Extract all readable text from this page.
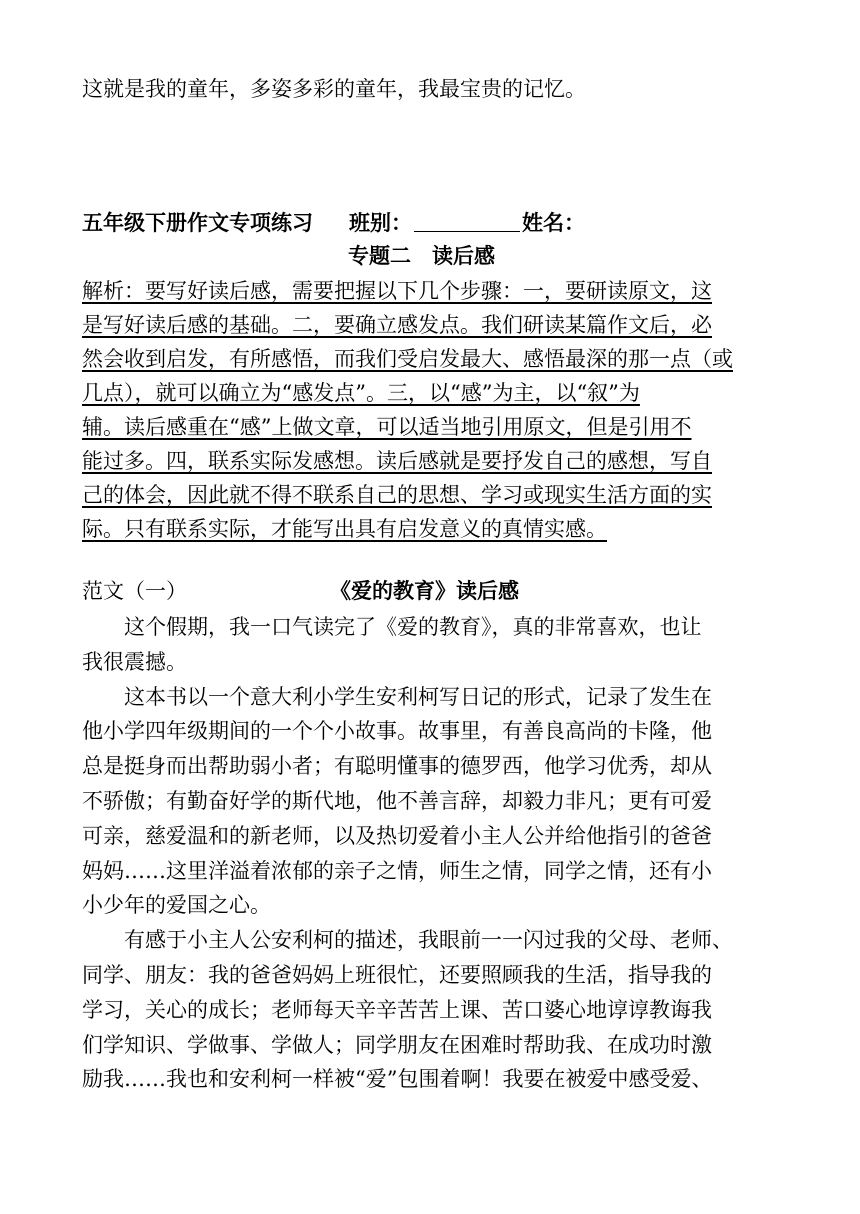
这就是我的童年，多姿多彩的童年，我最宝贵的记忆。
五年级下册作文专项练习 班别：	姓名：
专题二　读后感
解析：要写好读后感，需要把握以下几个步骤：一，要研读原文，这
是写好读后感的基础。二，要确立感发点。我们研读某篇作文后，必
然会收到启发，有所感悟，而我们受启发最大、感悟最深的那一点（或
几点），就可以确立为“感发点”。三，以“感”为主，以“叙”为
辅。读后感重在“感”上做文章，可以适当地引用原文，但是引用不
能过多。四，联系实际发感想。读后感就是要抒发自己的感想，写自
己的体会，因此就不得不联系自己的思想、学习或现实生活方面的实
际。只有联系实际，才能写出具有启发意义的真情实感。
范文（一）	《爱的教育》读后感
　　这个假期，我一口气读完了《爱的教育》，真的非常喜欢，也让
我很震撼。
　　这本书以一个意大利小学生安利柯写日记的形式，记录了发生在
他小学四年级期间的一个个小故事。故事里，有善良高尚的卡隆，他
总是挺身而出帮助弱小者；有聪明懂事的德罗西，他学习优秀，却从
不骄傲；有勤奋好学的斯代地，他不善言辞，却毅力非凡；更有可爱
可亲，慈爱温和的新老师，以及热切爱着小主人公并给他指引的爸爸
妈妈……这里洋溢着浓郁的亲子之情，师生之情，同学之情，还有小
小少年的爱国之心。
　　有感于小主人公安利柯的描述，我眼前一一闪过我的父母、老师、
同学、朋友：我的爸爸妈妈上班很忙，还要照顾我的生活，指导我的
学习，关心的成长；老师每天辛辛苦苦上课、苦口婆心地谆谆教诲我
们学知识、学做事、学做人；同学朋友在困难时帮助我、在成功时激
励我……我也和安利柯一样被“爱”包围着啊！我要在被爱中感受爱、
